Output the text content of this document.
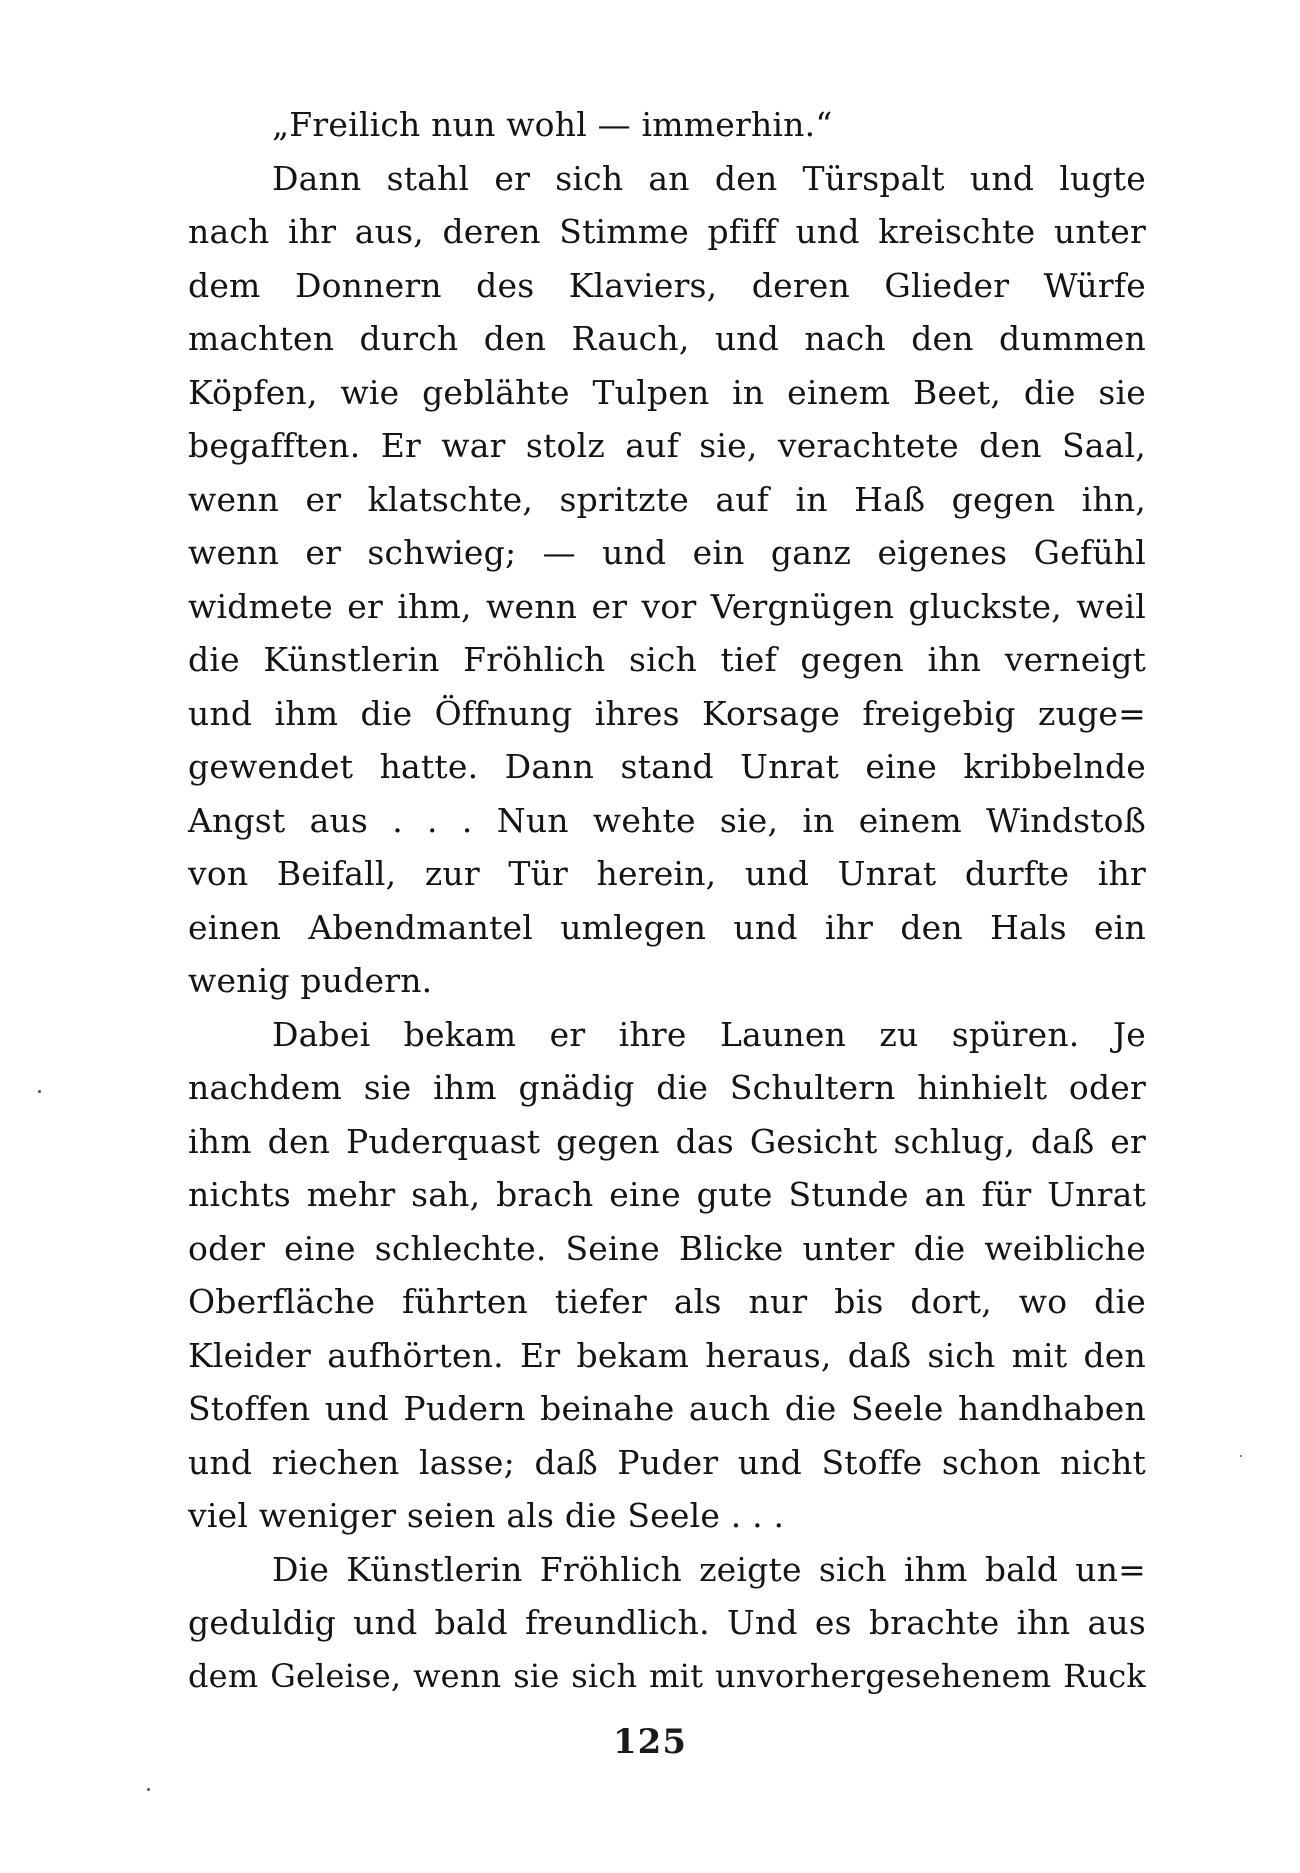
„Freilich nun wohl — immerhin.“
Dann stahl er sich an den Türspalt und lugte
nach ihr aus, deren Stimme pfiff und kreischte unter
dem Donnern des Klaviers, deren Glieder Würfe
machten durch den Rauch, und nach den dummen
Köpfen, wie geblähte Tulpen in einem Beet, die sie
begafften. Er war stolz auf sie, verachtete den Saal,
wenn er klatschte, spritzte auf in Haß gegen ihn,
wenn er schwieg; — und ein ganz eigenes Gefühl
widmete er ihm, wenn er vor Vergnügen gluckste, weil
die Künstlerin Fröhlich sich tief gegen ihn verneigt
und ihm die Öffnung ihres Korsage freigebig zuge=
gewendet hatte. Dann stand Unrat eine kribbelnde
Angst aus . . . Nun wehte sie, in einem Windstoß
von Beifall, zur Tür herein, und Unrat durfte ihr
einen Abendmantel umlegen und ihr den Hals ein
wenig pudern.
Dabei bekam er ihre Launen zu spüren. Je
nachdem sie ihm gnädig die Schultern hinhielt oder
ihm den Puderquast gegen das Gesicht schlug, daß er
nichts mehr sah, brach eine gute Stunde an für Unrat
oder eine schlechte. Seine Blicke unter die weibliche
Oberfläche führten tiefer als nur bis dort, wo die
Kleider aufhörten. Er bekam heraus, daß sich mit den
Stoffen und Pudern beinahe auch die Seele handhaben
und riechen lasse; daß Puder und Stoffe schon nicht
viel weniger seien als die Seele . . .
Die Künstlerin Fröhlich zeigte sich ihm bald un=
geduldig und bald freundlich. Und es brachte ihn aus
dem Geleise, wenn sie sich mit unvorhergesehenem Ruck
125
